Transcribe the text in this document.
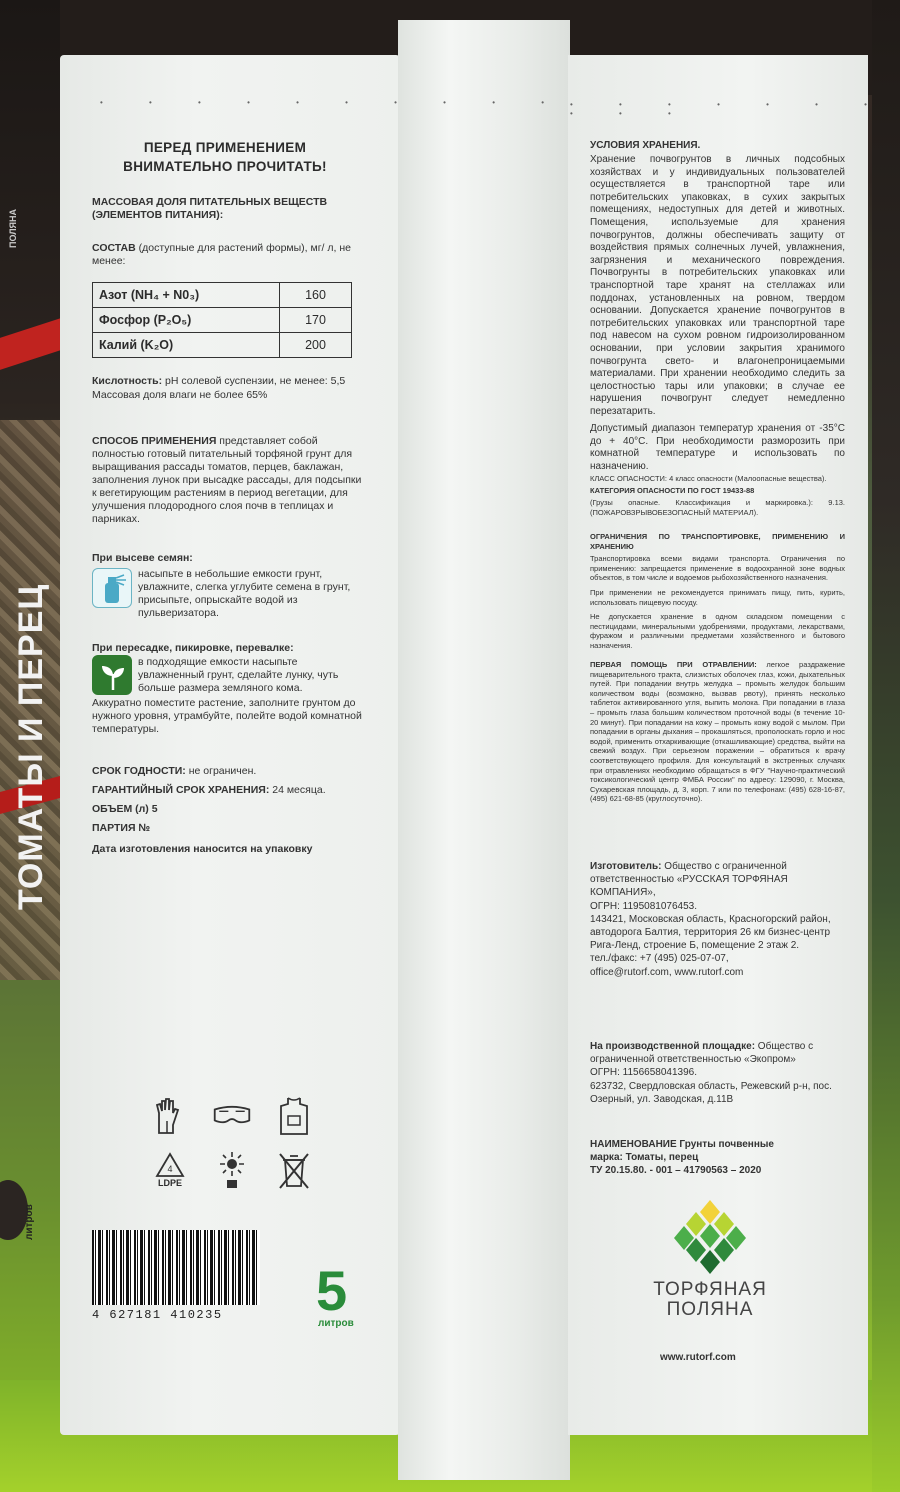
ТОМАТЫ И ПЕРЕЦ
ПОЛЯНА
литров
• • • • • • • • • • • • • • • • • • • •
ПЕРЕД ПРИМЕНЕНИЕМ
ВНИМАТЕЛЬНО ПРОЧИТАТЬ!
МАССОВАЯ ДОЛЯ ПИТАТЕЛЬНЫХ ВЕЩЕСТВ (ЭЛЕМЕНТОВ ПИТАНИЯ):
СОСТАВ (доступные для растений формы), мг/ л, не менее:
Азот (NH₄ + N0₃)	160
Фосфор (P₂O₅)	170
Калий (K₂O)	200
Кислотность: pH солевой суспензии, не менее: 5,5
Массовая доля влаги не более 65%
СПОСОБ ПРИМЕНЕНИЯ представляет собой полностью готовый питательный торфяной грунт для выращивания рассады томатов, перцев, баклажан, заполнения лунок при высадке рассады, для подсыпки к вегетирующим растениям в период вегетации, для улучшения плодородного слоя почв в теплицах и парниках.
При высеве семян:
насыпьте в небольшие емкости грунт, увлажните, слегка углубите семена в грунт, присыпьте, опрыскайте водой из пульверизатора.
При пересадке, пикировке, перевалке:
в подходящие емкости насыпьте увлажненный грунт, сделайте лунку, чуть больше размера земляного кома.
Аккуратно поместите растение, заполните грунтом до нужного уровня, утрамбуйте, полейте водой комнатной температуры.
СРОК ГОДНОСТИ: не ограничен.
ГАРАНТИЙНЫЙ СРОК ХРАНЕНИЯ: 24 месяца.
ОБЪЕМ (л) 5
ПАРТИЯ №
Дата изготовления наносится на упаковку
4
LDPE
4 627181 410235 5
литров
УСЛОВИЯ ХРАНЕНИЯ.
Хранение почвогрунтов в личных подсобных хозяйствах и у индивидуальных пользователей осуществляется в транспортной таре или потребительских упаковках, в сухих закрытых помещениях, недоступных для детей и животных. Помещения, используемые для хранения почвогрунтов, должны обеспечивать защиту от воздействия прямых солнечных лучей, увлажнения, загрязнения и механического повреждения. Почвогрунты в потребительских упаковках или транспортной таре хранят на стеллажах или поддонах, установленных на ровном, твердом основании. Допускается хранение почвогрунтов в потребительских упаковках или транспортной таре под навесом на сухом ровном гидроизолированном основании, при условии закрытия хранимого почвогрунта свето- и влагонепроницаемыми материалами. При хранении необходимо следить за целостностью тары или упаковки; в случае ее нарушения почвогрунт следует немедленно перезатарить.
Допустимый диапазон температур хранения от -35°С до + 40°С. При необходимости разморозить при комнатной температуре и использовать по назначению.
КЛАСС ОПАСНОСТИ: 4 класс опасности (Малоопасные вещества).
КАТЕГОРИЯ ОПАСНОСТИ ПО ГОСТ 19433-88
(Грузы опасные. Классификация и маркировка.): 9.13.(ПОЖАРОВЗРЫВОБЕЗОПАСНЫЙ МАТЕРИАЛ).
ОГРАНИЧЕНИЯ ПО ТРАНСПОРТИРОВКЕ, ПРИМЕНЕНИЮ И ХРАНЕНИЮ
Транспортировка всеми видами транспорта. Ограничения по применению: запрещается применение в водоохранной зоне водных объектов, в том числе и водоемов рыбохозяйственного назначения.
При применении не рекомендуется принимать пищу, пить, курить, использовать пищевую посуду.
Не допускается хранение в одном складском помещении с пестицидами, минеральными удобрениями, продуктами, лекарствами, фуражом и различными предметами хозяйственного и бытового назначения.
ПЕРВАЯ ПОМОЩЬ ПРИ ОТРАВЛЕНИИ: легкое раздражение пищеварительного тракта, слизистых оболочек глаз, кожи, дыхательных путей. При попадании внутрь желудка – промыть желудок большим количеством воды (возможно, вызвав рвоту), принять несколько таблеток активированного угля, выпить молока. При попадании в глаза – промыть глаза большим количеством проточной воды (в течение 10-20 минут). При попадании на кожу – промыть кожу водой с мылом. При попадании в органы дыхания – прокашляться, прополоскать горло и нос водой, применить отхаркивающие (откашливающие) средства, выйти на свежий воздух. При серьезном поражении – обратиться к врачу соответствующего профиля. Для консультаций в экстренных случаях при отравлениях необходимо обращаться в ФГУ "Научно-практический токсикологический центр ФМБА России" по адресу: 129090, г. Москва, Сухаревская площадь, д. 3, корп. 7 или по телефонам: (495) 628-16-87, (495) 621-68-85 (круглосуточно).
Изготовитель: Общество с ограниченной ответственностью «РУССКАЯ ТОРФЯНАЯ КОМПАНИЯ»,
ОГРН: 1195081076453.
143421, Московская область, Красногорский район, автодорога Балтия, территория 26 км бизнес-центр Рига-Ленд, строение Б, помещение 2 этаж 2.
тел./факс: +7 (495) 025-07-07,
office@rutorf.com, www.rutorf.com
На производственной площадке: Общество с ограниченной ответственностью «Экопром»
ОГРН: 1156658041396.
623732, Свердловская область, Режевский р-н, пос. Озерный, ул. Заводская, д.11В
НАИМЕНОВАНИЕ Грунты почвенные
марка: Томаты, перец
ТУ 20.15.80. - 001 – 41790563 – 2020
ТОРФЯНАЯ
ПОЛЯНА
www.rutorf.com
